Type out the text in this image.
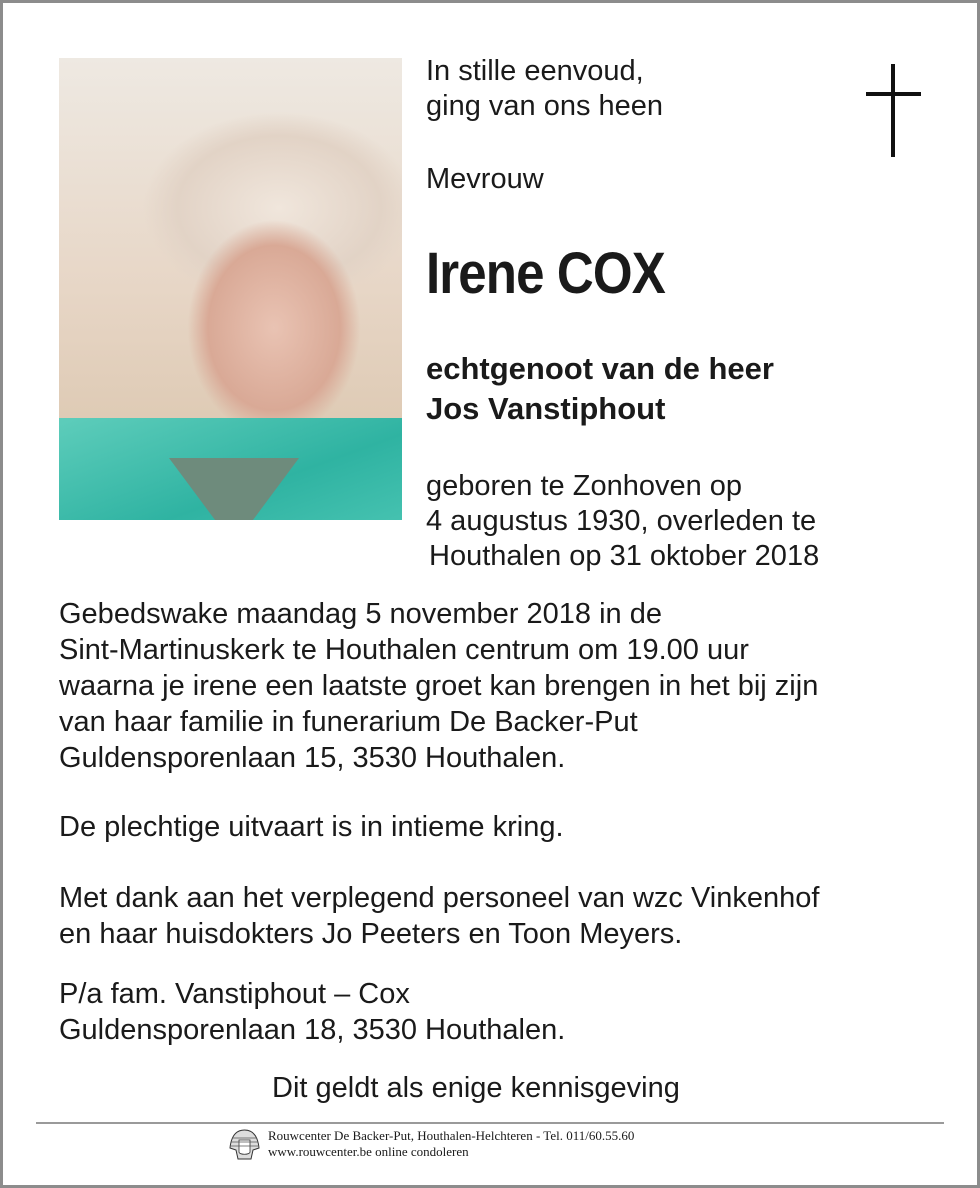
In stille eenvoud,
ging van ons heen
Mevrouw
Irene COX
echtgenoot van de heer
Jos Vanstiphout
geboren te Zonhoven op
4 augustus 1930, overleden te
Houthalen op 31 oktober 2018
Gebedswake maandag 5 november 2018 in de
Sint-Martinuskerk te Houthalen centrum om 19.00 uur
waarna je irene een laatste groet kan brengen in het bij zijn
van haar familie in funerarium De Backer-Put
Guldensporenlaan 15, 3530 Houthalen.
De plechtige uitvaart is in intieme kring.
Met dank aan het verplegend personeel van wzc Vinkenhof
en haar huisdokters Jo Peeters en Toon Meyers.
P/a fam. Vanstiphout – Cox
Guldensporenlaan 18, 3530 Houthalen.
Dit geldt als enige kennisgeving
Rouwcenter De Backer-Put, Houthalen-Helchteren - Tel. 011/60.55.60
www.rouwcenter.be online condoleren
